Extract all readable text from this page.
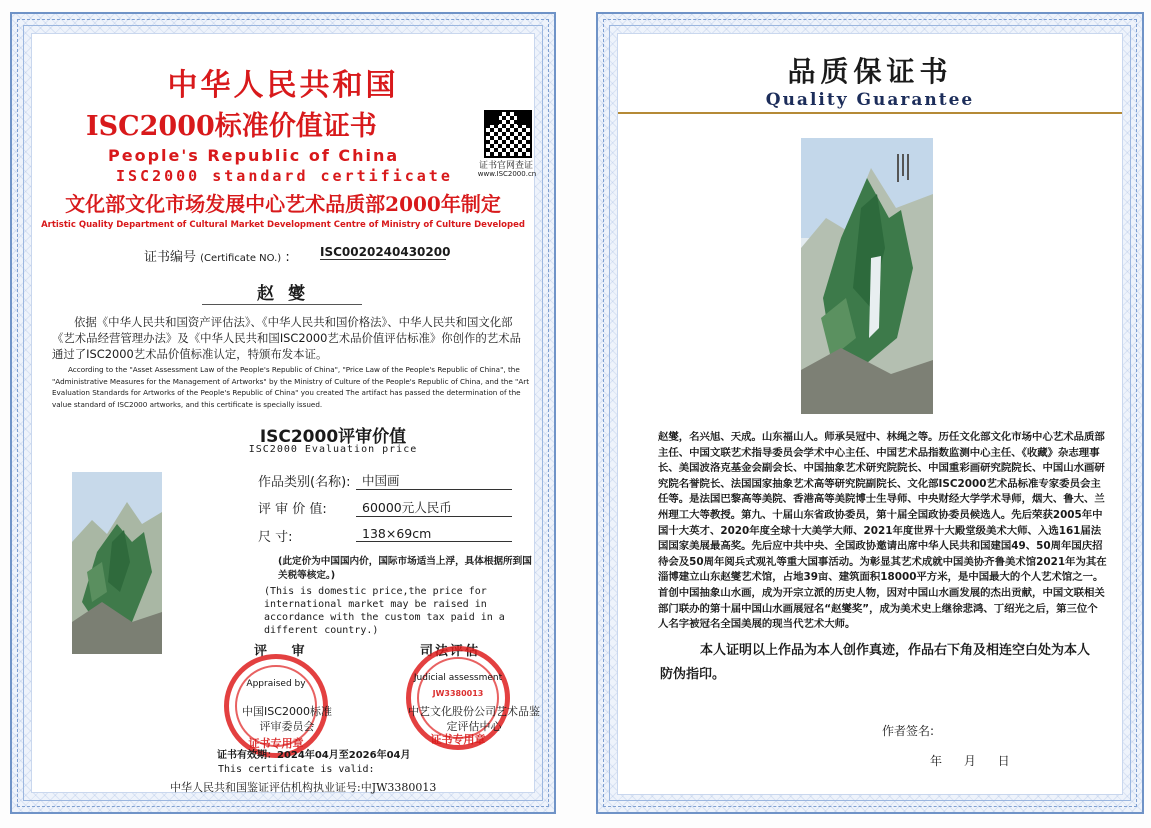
中华人民共和国
ISC2000标准价值证书
People's Republic of China
ISC2000 standard certificate
证书官网查证
www.ISC2000.cn
文化部文化市场发展中心艺术品质部2000年制定
Artistic Quality Department of Cultural Market Development Centre of Ministry of Culture Developed
证书编号 (Certificate NO.) :	ISC0020240430200
赵 燮
依据《中华人民共和国资产评估法》、《中华人民共和国价格法》、中华人民共和国文化部《艺术品经营管理办法》及《中华人民共和国ISC2000艺术品价值评估标准》你创作的艺术品通过了ISC2000艺术品价值标准认定，特颁布发本证。
According to the "Asset Assessment Law of the People's Republic of China", "Price Law of the People's Republic of China", the "Administrative Measures for the Management of Artworks" by the Ministry of Culture of the People's Republic of China, and the "Art Evaluation Standards for Artworks of the People's Republic of China" you created The artifact has passed the determination of the value standard of ISC2000 artworks, and this certificate is specially issued.
ISC2000评审价值
ISC2000 Evaluation price
作品类别(名称): 中国画
评 审 价 值:	60000元人民币
尺 寸:	138×69cm
(此定价为中国国内价，国际市场适当上浮，具体根据所到国关税等核定。)
(This is domestic price,the price for international market may be raised in accordance with the custom tax paid in a different country.)
评 审	司法评估
Appraised by
证书专用章
中国ISC2000标准评审委员会
Judicial assessment
JW3380013
证书专用章
中艺文化股份公司艺术品鉴定评估中心
证书有效期：2024年04月至2026年04月
This certificate is valid:
中华人民共和国鉴证评估机构执业证号:中JW3380013
品质保证书
Quality Guarantee
赵燮，名兴旭、天成。山东福山人。师承吴冠中、林绳之等。历任文化部文化市场中心艺术品质部主任、中国文联艺术指导委员会学术中心主任、中国艺术品指数监测中心主任、《收藏》杂志理事长、美国波洛克基金会副会长、中国抽象艺术研究院院长、中国重彩画研究院院长、中国山水画研究院名誉院长、法国国家抽象艺术高等研究院副院长、文化部ISC2000艺术品标准专家委员会主任等。是法国巴黎高等美院、香港高等美院博士生导师、中央财经大学学术导师，烟大、鲁大、兰州理工大等教授。第九、十届山东省政协委员，第十届全国政协委员候选人。先后荣获2005年中国十大英才、2020年度全球十大美学大师、2021年度世界十大殿堂级美术大师、入选161届法国国家美展最高奖。先后应中共中央、全国政协邀请出席中华人民共和国建国49、50周年国庆招待会及50周年阅兵式观礼等重大国事活动。为彰显其艺术成就中国美协齐鲁美术馆2021年为其在淄博建立山东赵燮艺术馆，占地39亩、建筑面积18000平方米，是中国最大的个人艺术馆之一。首创中国抽象山水画，成为开宗立派的历史人物，因对中国山水画发展的杰出贡献，中国文联相关部门联办的第十届中国山水画展冠名“赵燮奖”，成为美术史上继徐悲鸿、丁绍光之后，第三位个人名字被冠名全国美展的现当代艺术大师。
本人证明以上作品为本人创作真迹，作品右下角及相连空白处为本人防伪指印。
作者签名:
年 月 日
